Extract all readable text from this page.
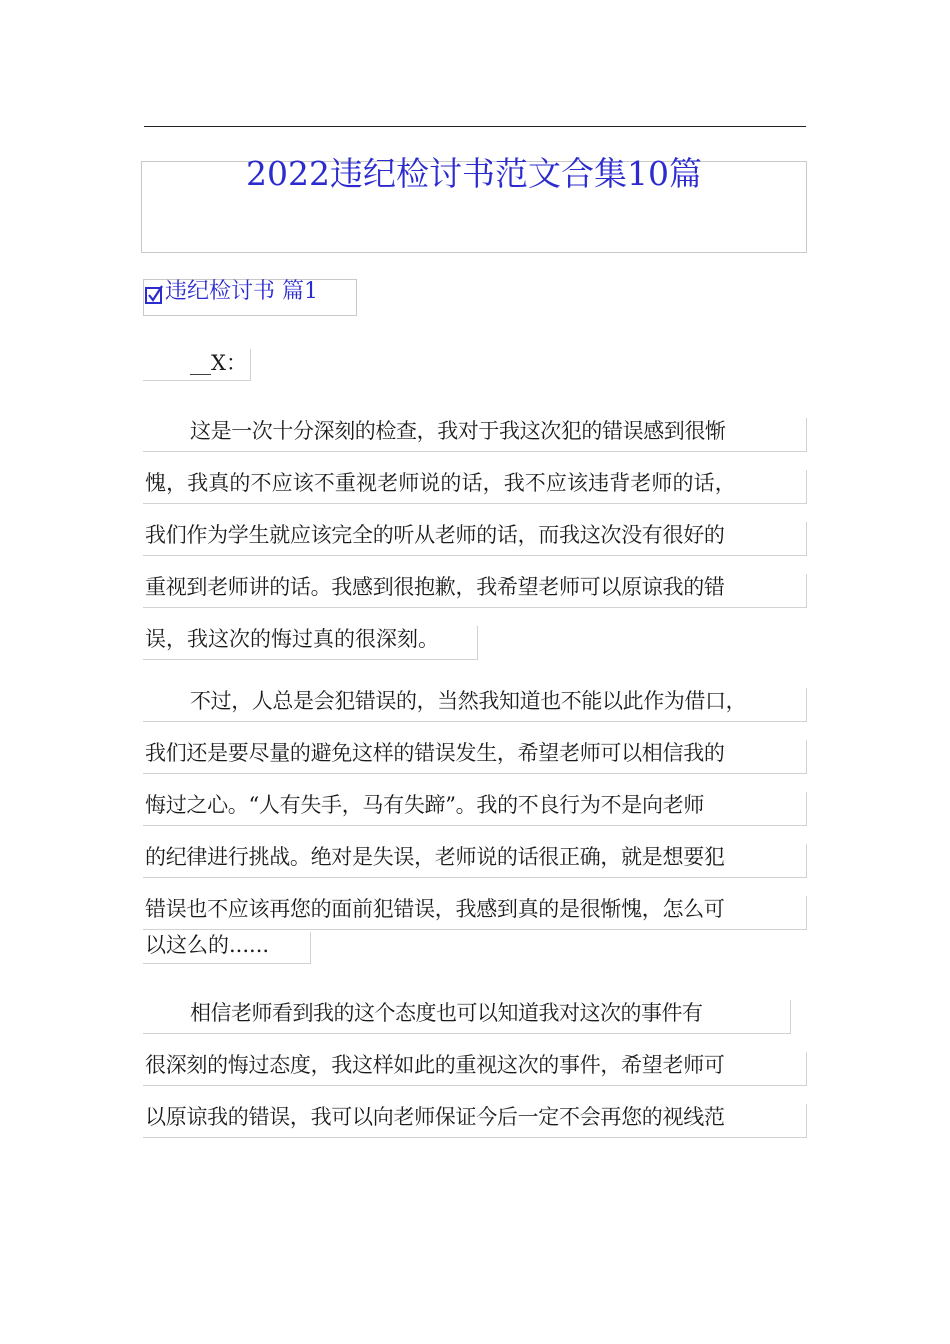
2022违纪检讨书范文合集10篇
违纪检讨书 篇1

__X：

这是一次十分深刻的检查，我对于我这次犯的错误感到很惭

愧，我真的不应该不重视老师说的话，我不应该违背老师的话，

我们作为学生就应该完全的听从老师的话，而我这次没有很好的

重视到老师讲的话。我感到很抱歉，我希望老师可以原谅我的错

误，我这次的悔过真的很深刻。

不过，人总是会犯错误的，当然我知道也不能以此作为借口，

我们还是要尽量的避免这样的错误发生，希望老师可以相信我的

悔过之心。“人有失手，马有失蹄”。我的不良行为不是向老师

的纪律进行挑战。绝对是失误，老师说的话很正确，就是想要犯

错误也不应该再您的面前犯错误，我感到真的是很惭愧，怎么可

以这么的......

相信老师看到我的这个态度也可以知道我对这次的事件有

很深刻的悔过态度，我这样如此的重视这次的事件，希望老师可

以原谅我的错误，我可以向老师保证今后一定不会再您的视线范
